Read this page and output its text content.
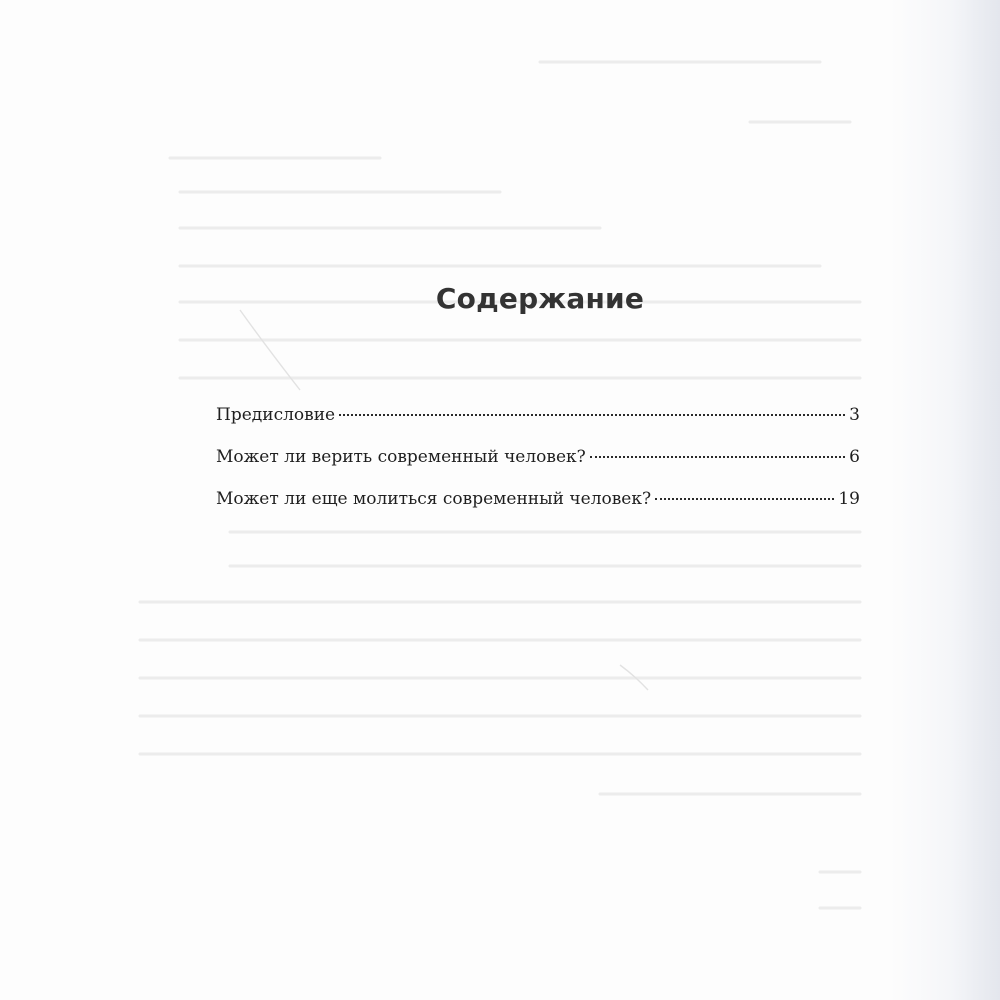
Содержание
Предисловие	3
Может ли верить современный человек?	6
Может ли еще молиться современный человек?	19
